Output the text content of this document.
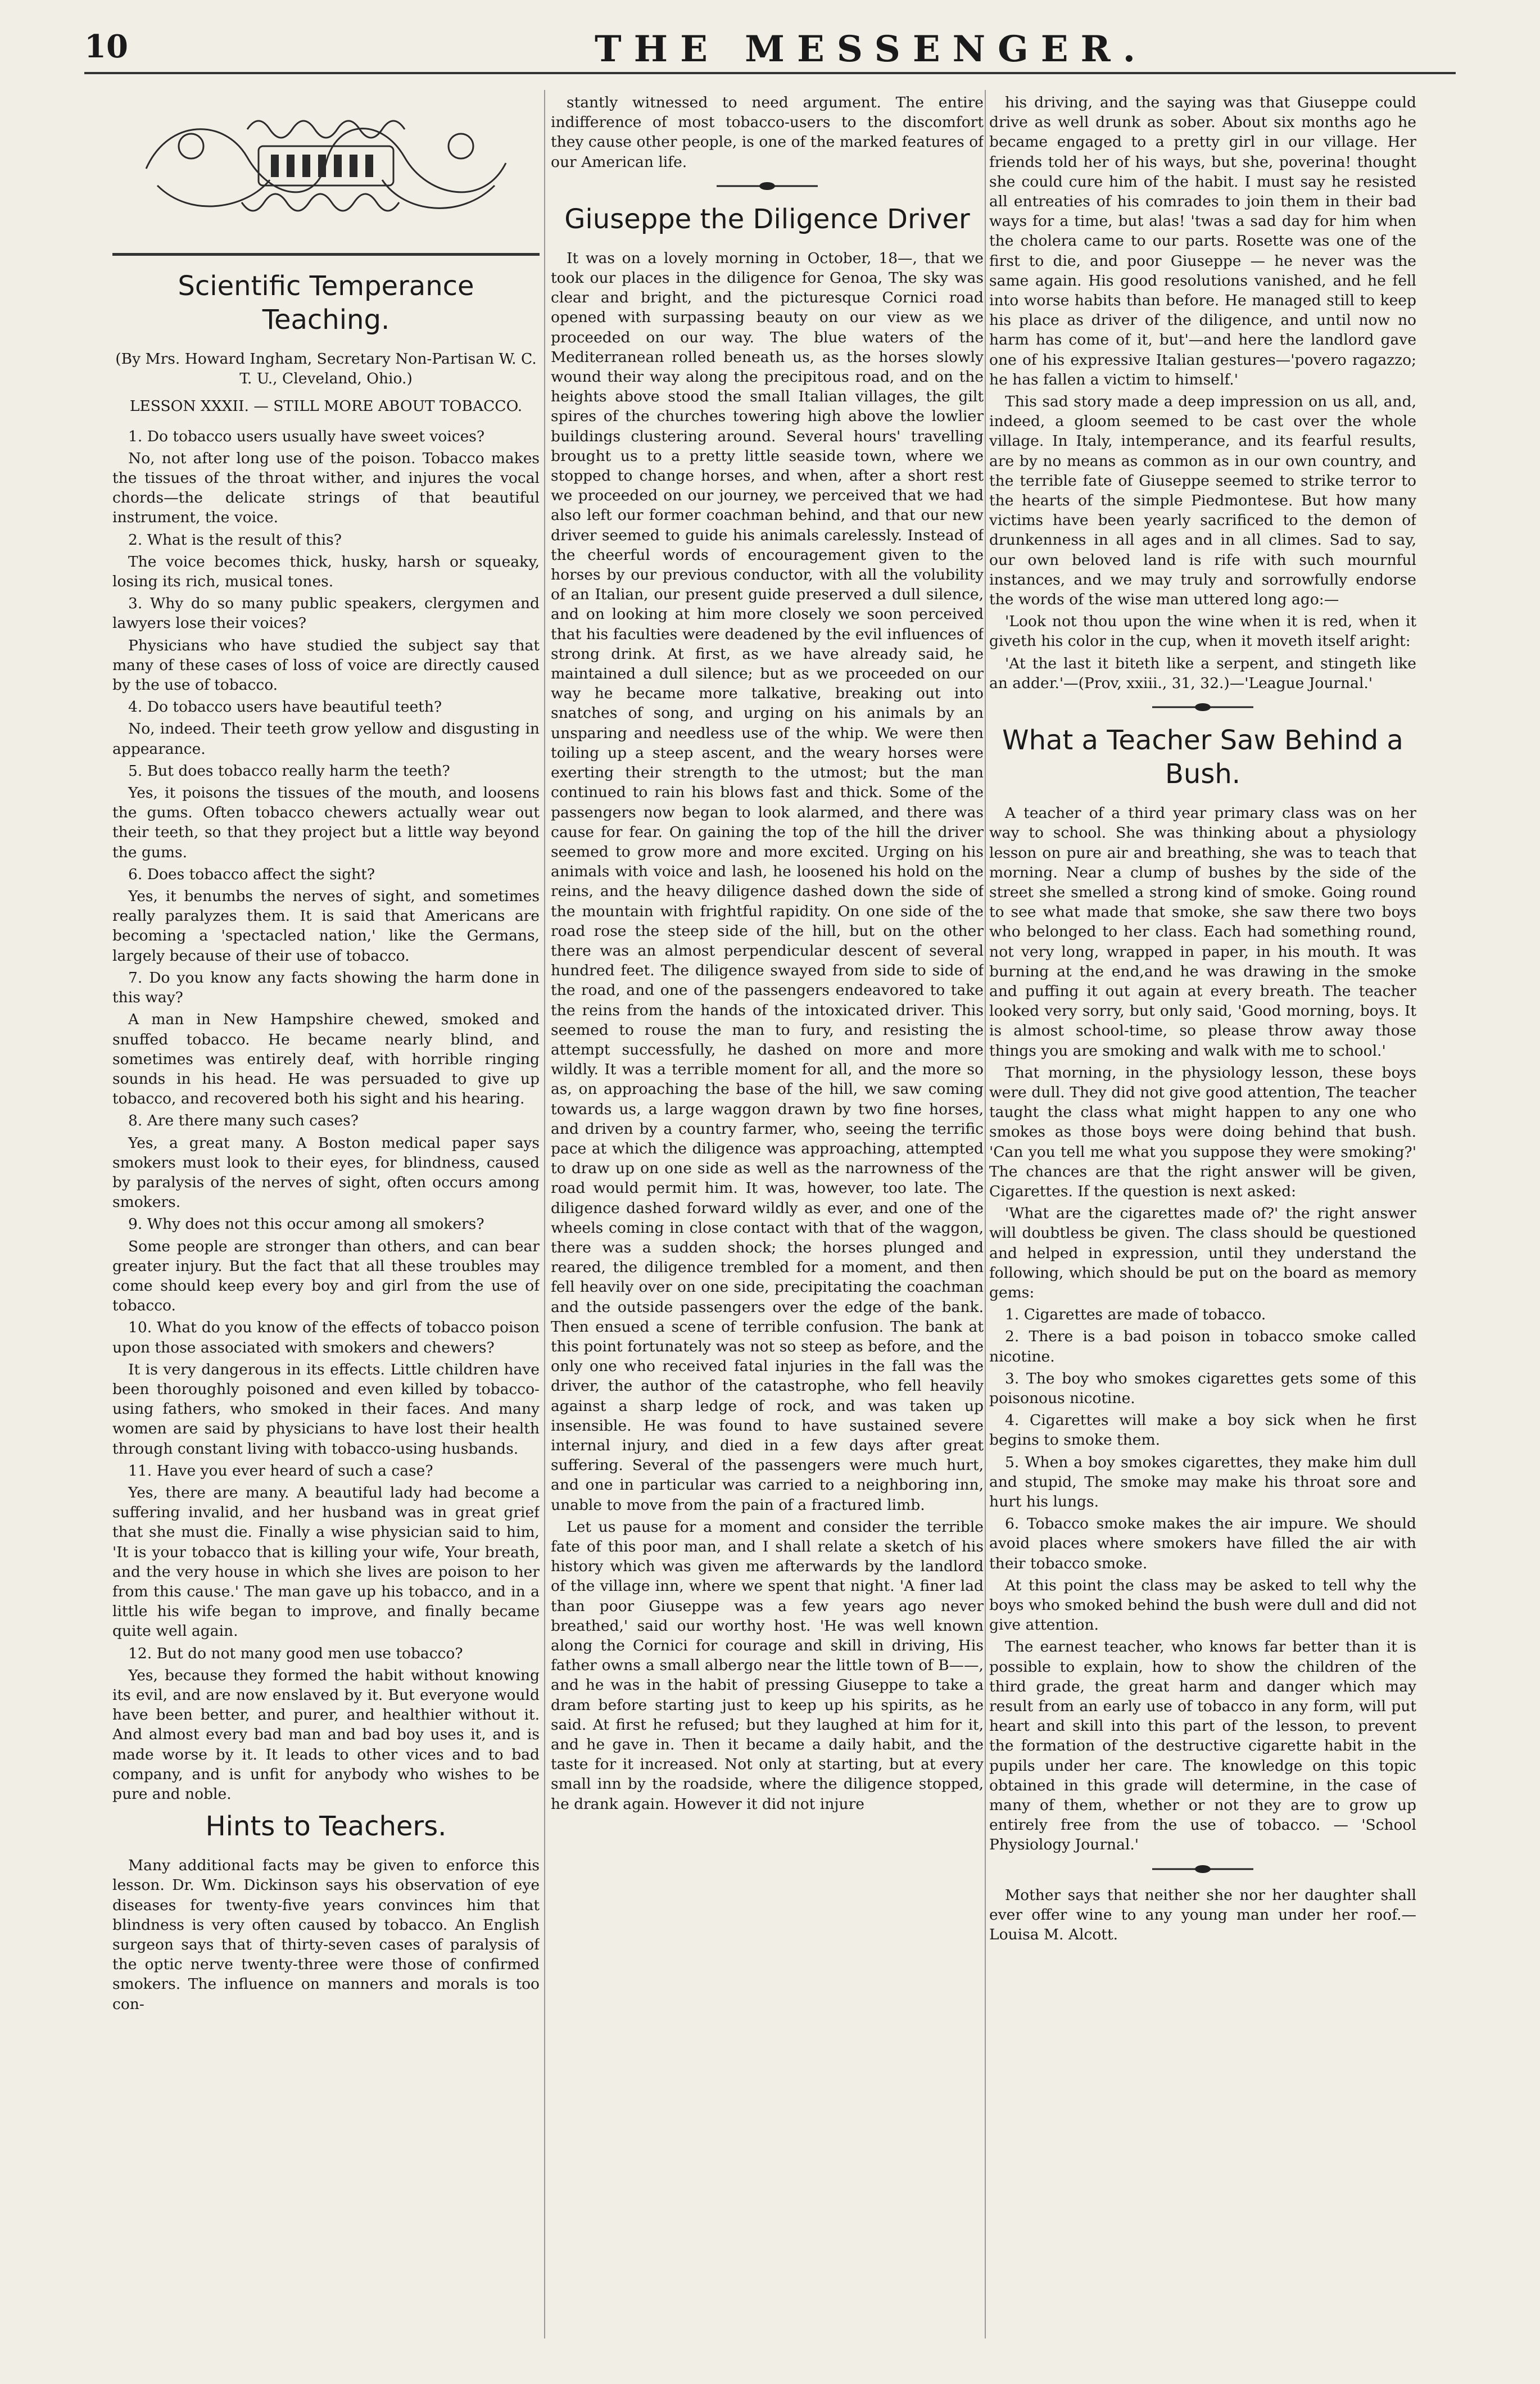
10	THE MESSENGER.
Scientific Temperance Teaching.
(By Mrs. Howard Ingham, Secretary Non-Partisan W. C. T. U., Cleveland, Ohio.)
LESSON XXXII. — STILL MORE ABOUT TOBACCO.

1. Do tobacco users usually have sweet voices?

No, not after long use of the poison. Tobacco makes the tissues of the throat wither, and injures the vocal chords—the delicate strings of that beautiful instrument, the voice.

2. What is the result of this?

The voice becomes thick, husky, harsh or squeaky, losing its rich, musical tones.

3. Why do so many public speakers, clergymen and lawyers lose their voices?

Physicians who have studied the subject say that many of these cases of loss of voice are directly caused by the use of tobacco.

4. Do tobacco users have beautiful teeth?

No, indeed. Their teeth grow yellow and disgusting in appearance.

5. But does tobacco really harm the teeth?

Yes, it poisons the tissues of the mouth, and loosens the gums. Often tobacco chewers actually wear out their teeth, so that they project but a little way beyond the gums.

6. Does tobacco affect the sight?

Yes, it benumbs the nerves of sight, and sometimes really paralyzes them. It is said that Americans are becoming a 'spectacled nation,' like the Germans, largely because of their use of tobacco.

7. Do you know any facts showing the harm done in this way?

A man in New Hampshire chewed, smoked and snuffed tobacco. He became nearly blind, and sometimes was entirely deaf, with horrible ringing sounds in his head. He was persuaded to give up tobacco, and recovered both his sight and his hearing.

8. Are there many such cases?

Yes, a great many. A Boston medical paper says smokers must look to their eyes, for blindness, caused by paralysis of the nerves of sight, often occurs among smokers.

9. Why does not this occur among all smokers?

Some people are stronger than others, and can bear greater injury. But the fact that all these troubles may come should keep every boy and girl from the use of tobacco.

10. What do you know of the effects of tobacco poison upon those associated with smokers and chewers?

It is very dangerous in its effects. Little children have been thoroughly poisoned and even killed by tobacco-using fathers, who smoked in their faces. And many women are said by physicians to have lost their health through constant living with tobacco-using husbands.

11. Have you ever heard of such a case?

Yes, there are many. A beautiful lady had become a suffering invalid, and her husband was in great grief that she must die. Finally a wise physician said to him, 'It is your tobacco that is killing your wife, Your breath, and the very house in which she lives are poison to her from this cause.' The man gave up his tobacco, and in a little his wife began to improve, and finally became quite well again.

12. But do not many good men use tobacco?

Yes, because they formed the habit without knowing its evil, and are now enslaved by it. But everyone would have been better, and purer, and healthier without it. And almost every bad man and bad boy uses it, and is made worse by it. It leads to other vices and to bad company, and is unfit for anybody who wishes to be pure and noble.

Hints to Teachers.

Many additional facts may be given to enforce this lesson. Dr. Wm. Dickinson says his observation of eye diseases for twenty-five years convinces him that blindness is very often caused by tobacco. An English surgeon says that of thirty-seven cases of paralysis of the optic nerve twenty-three were those of confirmed smokers. The influence on manners and morals is too con-

stantly witnessed to need argument. The entire indifference of most tobacco-users to the discomfort they cause other people, is one of the marked features of our American life.

Giuseppe the Diligence Driver

It was on a lovely morning in October, 18—, that we took our places in the diligence for Genoa, The sky was clear and bright, and the picturesque Cornici road opened with surpassing beauty on our view as we proceeded on our way. The blue waters of the Mediterranean rolled beneath us, as the horses slowly wound their way along the precipitous road, and on the heights above stood the small Italian villages, the gilt spires of the churches towering high above the lowlier buildings clustering around. Several hours' travelling brought us to a pretty little seaside town, where we stopped to change horses, and when, after a short rest we proceeded on our journey, we perceived that we had also left our former coachman behind, and that our new driver seemed to guide his animals carelessly. Instead of the cheerful words of encouragement given to the horses by our previous conductor, with all the volubility of an Italian, our present guide preserved a dull silence, and on looking at him more closely we soon perceived that his faculties were deadened by the evil influences of strong drink. At first, as we have already said, he maintained a dull silence; but as we proceeded on our way he became more talkative, breaking out into snatches of song, and urging on his animals by an unsparing and needless use of the whip. We were then toiling up a steep ascent, and the weary horses were exerting their strength to the utmost; but the man continued to rain his blows fast and thick. Some of the passengers now began to look alarmed, and there was cause for fear. On gaining the top of the hill the driver seemed to grow more and more excited. Urging on his animals with voice and lash, he loosened his hold on the reins, and the heavy diligence dashed down the side of the mountain with frightful rapidity. On one side of the road rose the steep side of the hill, but on the other there was an almost perpendicular descent of several hundred feet. The diligence swayed from side to side of the road, and one of the passengers endeavored to take the reins from the hands of the intoxicated driver. This seemed to rouse the man to fury, and resisting the attempt successfully, he dashed on more and more wildly. It was a terrible moment for all, and the more so as, on approaching the base of the hill, we saw coming towards us, a large waggon drawn by two fine horses, and driven by a country farmer, who, seeing the terrific pace at which the diligence was approaching, attempted to draw up on one side as well as the narrowness of the road would permit him. It was, however, too late. The diligence dashed forward wildly as ever, and one of the wheels coming in close contact with that of the waggon, there was a sudden shock; the horses plunged and reared, the diligence trembled for a moment, and then fell heavily over on one side, precipitating the coachman and the outside passengers over the edge of the bank. Then ensued a scene of terrible confusion. The bank at this point fortunately was not so steep as before, and the only one who received fatal injuries in the fall was the driver, the author of the catastrophe, who fell heavily against a sharp ledge of rock, and was taken up insensible. He was found to have sustained severe internal injury, and died in a few days after great suffering. Several of the passengers were much hurt, and one in particular was carried to a neighboring inn, unable to move from the pain of a fractured limb.

Let us pause for a moment and consider the terrible fate of this poor man, and I shall relate a sketch of his history which was given me afterwards by the landlord of the village inn, where we spent that night. 'A finer lad than poor Giuseppe was a few years ago never breathed,' said our worthy host. 'He was well known along the Cornici for courage and skill in driving, His father owns a small albergo near the little town of B——, and he was in the habit of pressing Giuseppe to take a dram before starting just to keep up his spirits, as he said. At first he refused; but they laughed at him for it, and he gave in. Then it became a daily habit, and the taste for it increased. Not only at starting, but at every small inn by the roadside, where the diligence stopped, he drank again. However it did not injure

his driving, and the saying was that Giuseppe could drive as well drunk as sober. About six months ago he became engaged to a pretty girl in our village. Her friends told her of his ways, but she, poverina! thought she could cure him of the habit. I must say he resisted all entreaties of his comrades to join them in their bad ways for a time, but alas! 'twas a sad day for him when the cholera came to our parts. Rosette was one of the first to die, and poor Giuseppe — he never was the same again. His good resolutions vanished, and he fell into worse habits than before. He managed still to keep his place as driver of the diligence, and until now no harm has come of it, but'—and here the landlord gave one of his expressive Italian gestures—'povero ragazzo; he has fallen a victim to himself.'

This sad story made a deep impression on us all, and, indeed, a gloom seemed to be cast over the whole village. In Italy, intemperance, and its fearful results, are by no means as common as in our own country, and the terrible fate of Giuseppe seemed to strike terror to the hearts of the simple Piedmontese. But how many victims have been yearly sacrificed to the demon of drunkenness in all ages and in all climes. Sad to say, our own beloved land is rife with such mournful instances, and we may truly and sorrowfully endorse the words of the wise man uttered long ago:—

'Look not thou upon the wine when it is red, when it giveth his color in the cup, when it moveth itself aright:

'At the last it biteth like a serpent, and stingeth like an adder.'—(Prov, xxiii., 31, 32.)—'League Journal.'

What a Teacher Saw Behind a Bush.

A teacher of a third year primary class was on her way to school. She was thinking about a physiology lesson on pure air and breathing, she was to teach that morning. Near a clump of bushes by the side of the street she smelled a strong kind of smoke. Going round to see what made that smoke, she saw there two boys who belonged to her class. Each had something round, not very long, wrapped in paper, in his mouth. It was burning at the end,and he was drawing in the smoke and puffing it out again at every breath. The teacher looked very sorry, but only said, 'Good morning, boys. It is almost school-time, so please throw away those things you are smoking and walk with me to school.'

That morning, in the physiology lesson, these boys were dull. They did not give good attention, The teacher taught the class what might happen to any one who smokes as those boys were doing behind that bush. 'Can you tell me what you suppose they were smoking?' The chances are that the right answer will be given, Cigarettes. If the question is next asked:

'What are the cigarettes made of?' the right answer will doubtless be given. The class should be questioned and helped in expression, until they understand the following, which should be put on the board as memory gems:

1. Cigarettes are made of tobacco.

2. There is a bad poison in tobacco smoke called nicotine.

3. The boy who smokes cigarettes gets some of this poisonous nicotine.

4. Cigarettes will make a boy sick when he first begins to smoke them.

5. When a boy smokes cigarettes, they make him dull and stupid, The smoke may make his throat sore and hurt his lungs.

6. Tobacco smoke makes the air impure. We should avoid places where smokers have filled the air with their tobacco smoke.

At this point the class may be asked to tell why the boys who smoked behind the bush were dull and did not give attention.

The earnest teacher, who knows far better than it is possible to explain, how to show the children of the third grade, the great harm and danger which may result from an early use of tobacco in any form, will put heart and skill into this part of the lesson, to prevent the formation of the destructive cigarette habit in the pupils under her care. The knowledge on this topic obtained in this grade will determine, in the case of many of them, whether or not they are to grow up entirely free from the use of tobacco. — 'School Physiology Journal.'

Mother says that neither she nor her daughter shall ever offer wine to any young man under her roof.—Louisa M. Alcott.
